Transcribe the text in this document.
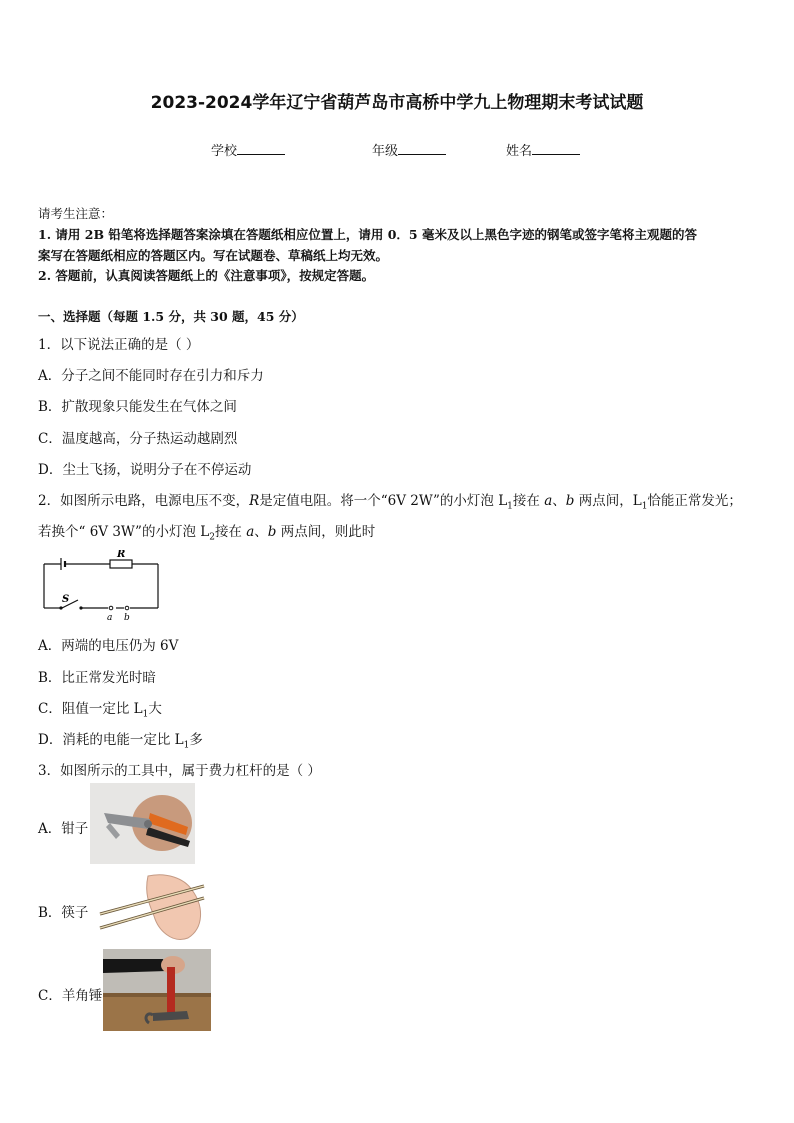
2023-2024学年辽宁省葫芦岛市高桥中学九上物理期末考试试题
学校	年级	姓名
请考生注意：
1. 请用 2B 铅笔将选择题答案涂填在答题纸相应位置上，请用 0．5 毫米及以上黑色字迹的钢笔或签字笔将主观题的答
案写在答题纸相应的答题区内。写在试题卷、草稿纸上均无效。
2. 答题前，认真阅读答题纸上的《注意事项》，按规定答题。
一、选择题（每题 1.5 分，共 30 题，45 分）
1．以下说法正确的是（ ）
A．分子之间不能同时存在引力和斥力
B．扩散现象只能发生在气体之间
C．温度越高，分子热运动越剧烈
D．尘土飞扬，说明分子在不停运动
2．如图所示电路，电源电压不变，R是定值电阻。将一个“6V 2W”的小灯泡 $L_1$接在 a、b 两点间，$L_1$恰能正常发光；
若换个“ 6V 3W”的小灯泡 $L_2$接在 a、b 两点间，则此时
R
S
a b
A．两端的电压仍为 6V
B．比正常发光时暗
C．阻值一定比 $L_1$大
D．消耗的电能一定比 $L_1$多
3．如图所示的工具中，属于费力杠杆的是（ ）
A．钳子
B．筷子
C．羊角锤
